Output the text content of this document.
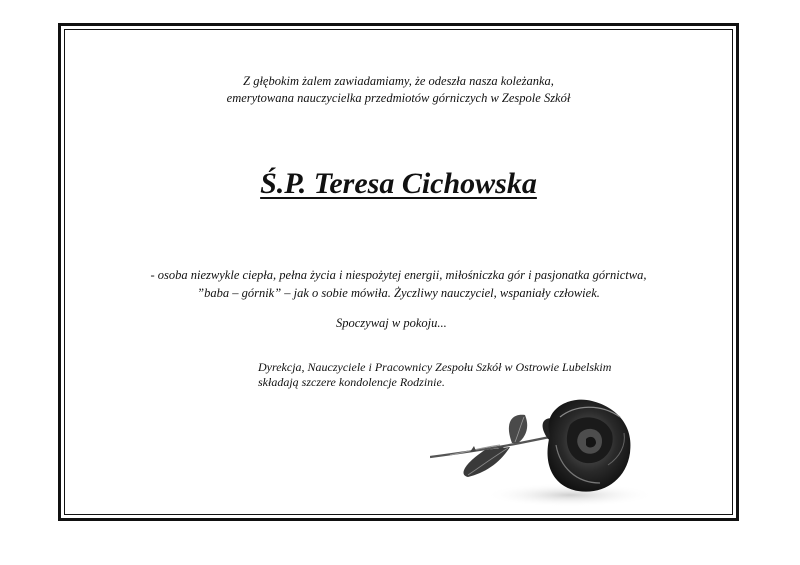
Z głębokim żalem zawiadamiamy, że odeszła nasza koleżanka,
emerytowana nauczycielka przedmiotów górniczych w Zespole Szkół
Ś.P. Teresa Cichowska
- osoba niezwykle ciepła, pełna życia i niespożytej energii, miłośniczka gór i pasjonatka górnictwa,
”baba – górnik” – jak o sobie mówiła. Życzliwy nauczyciel, wspaniały człowiek.
Spoczywaj w pokoju...
Dyrekcja, Nauczyciele i Pracownicy Zespołu Szkół w Ostrowie Lubelskim
składają szczere kondolencje Rodzinie.
